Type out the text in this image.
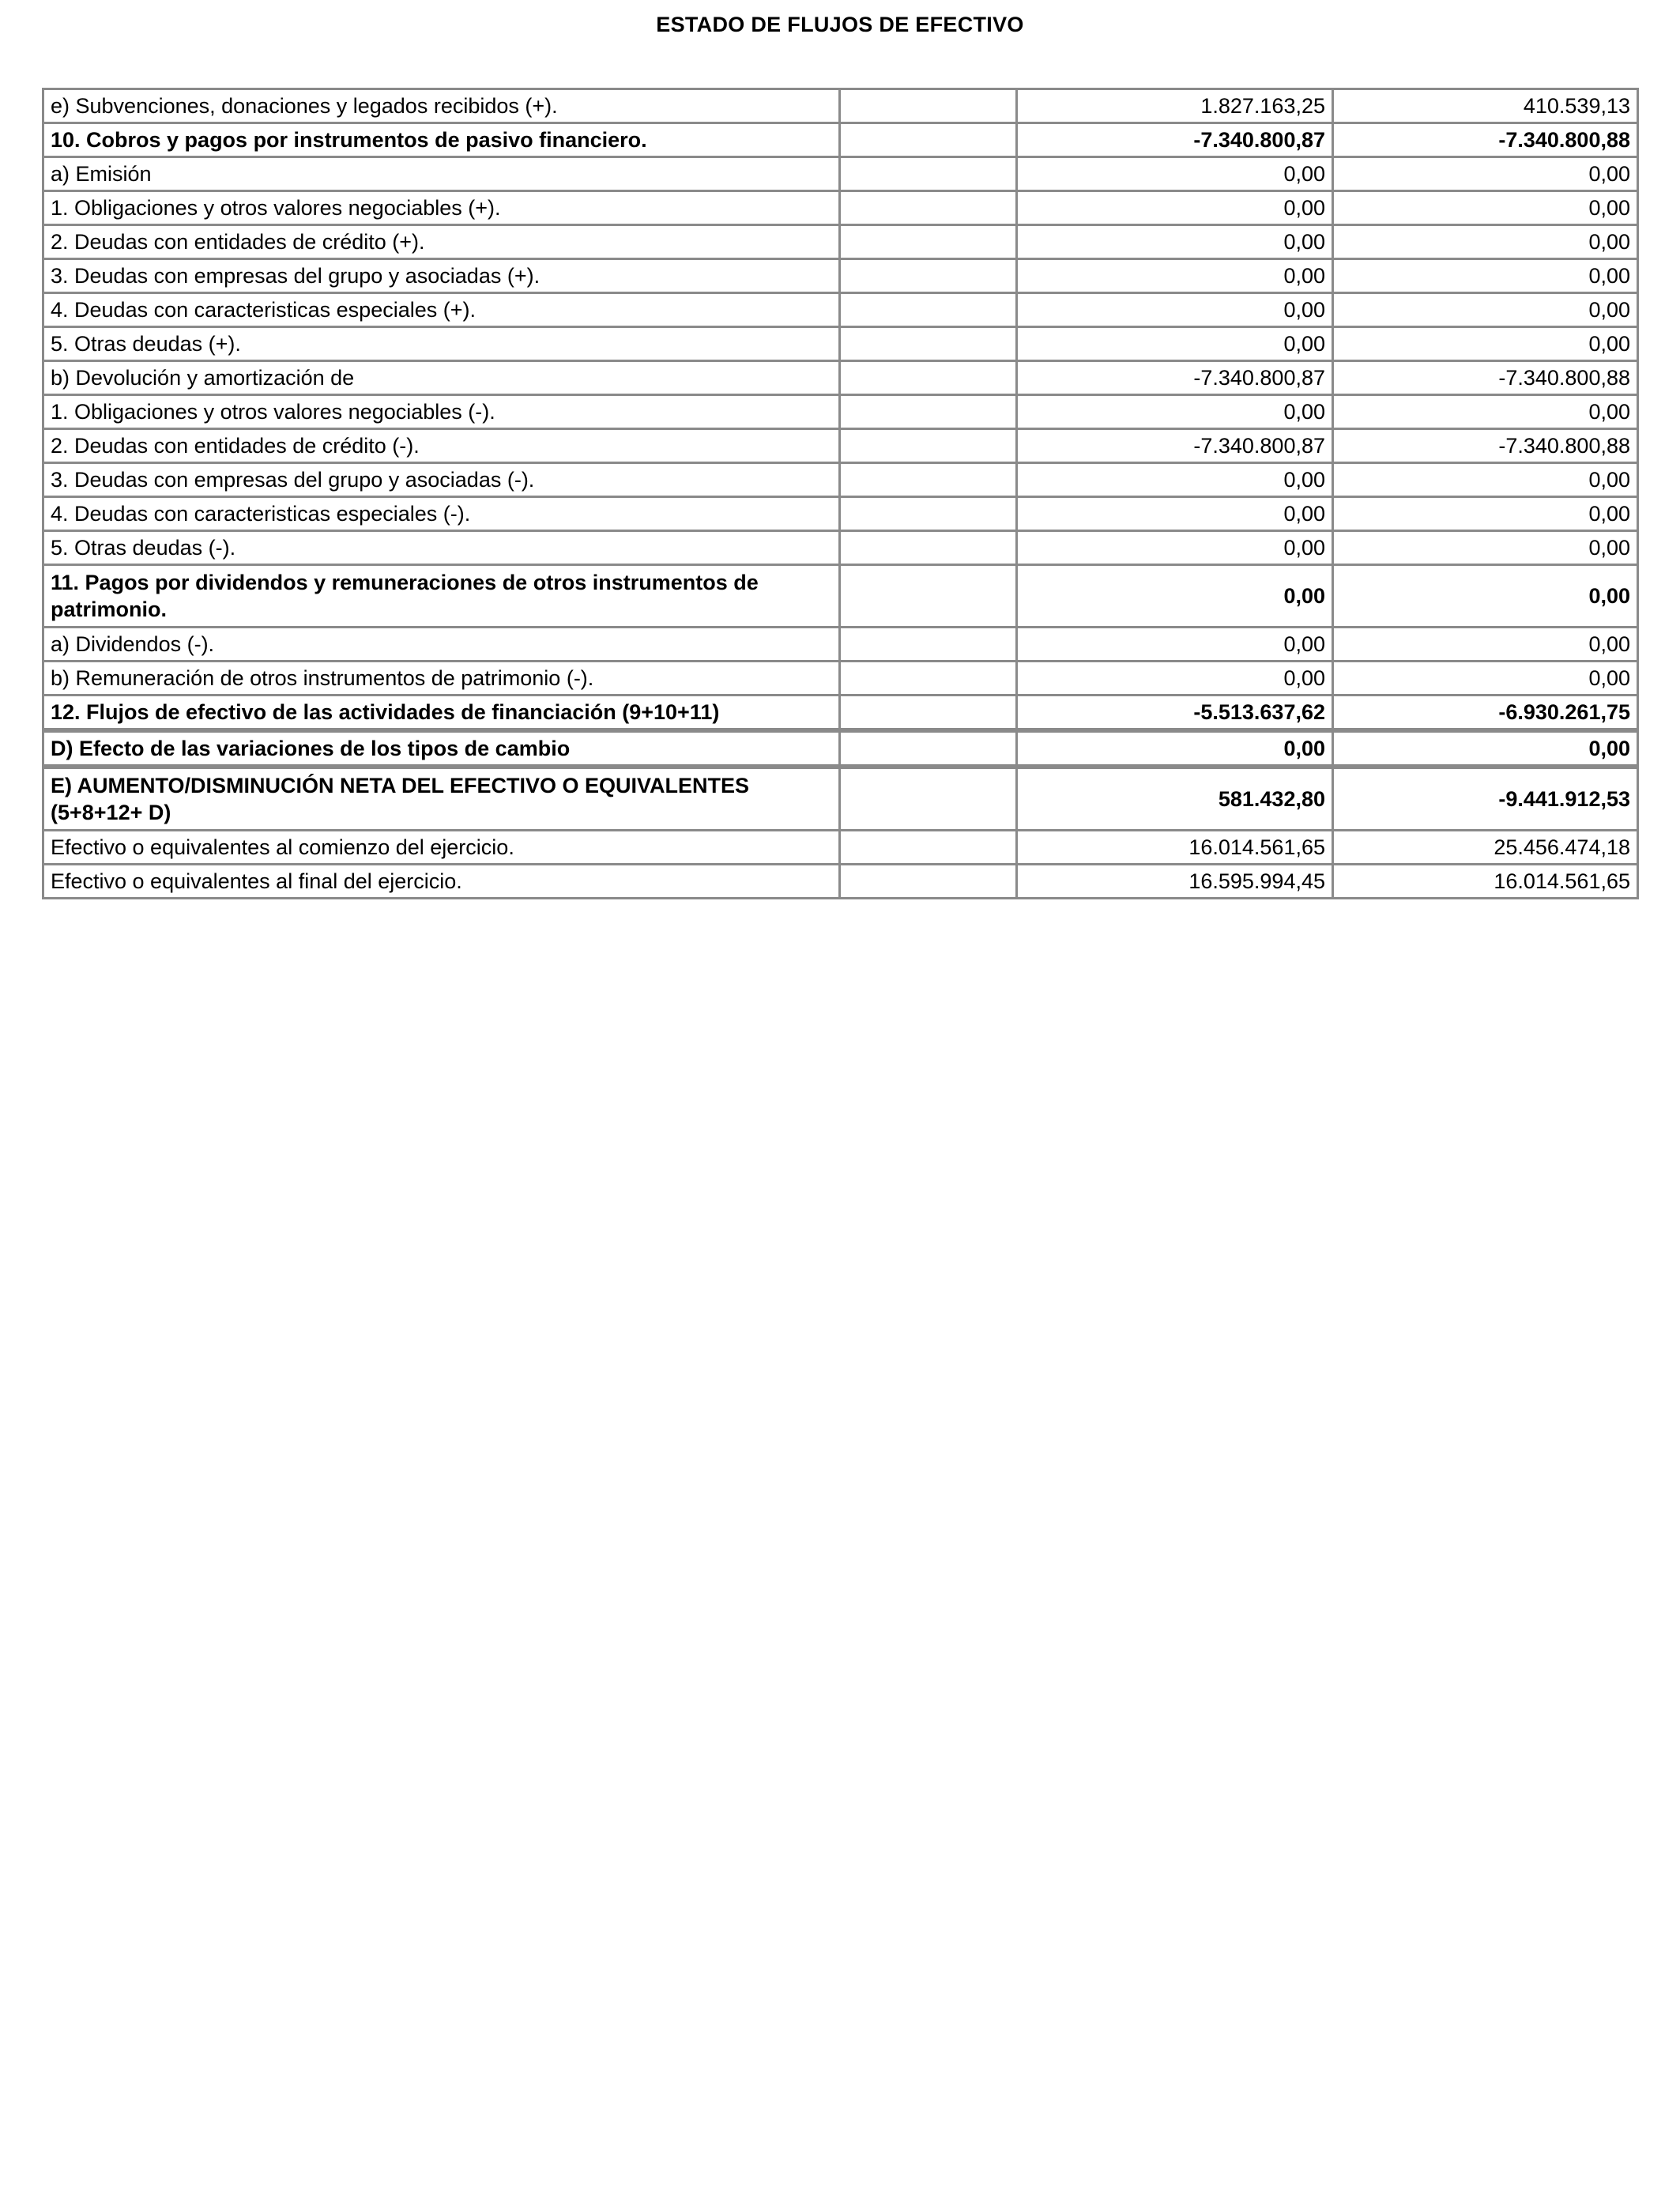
ESTADO DE FLUJOS DE EFECTIVO
e) Subvenciones, donaciones y legados recibidos (+).		1.827.163,25	410.539,13
10. Cobros y pagos por instrumentos de pasivo financiero.		-7.340.800,87	-7.340.800,88
a) Emisión		0,00	0,00
1. Obligaciones y otros valores negociables (+).		0,00	0,00
2. Deudas con entidades de crédito (+).		0,00	0,00
3. Deudas con empresas del grupo y asociadas (+).		0,00	0,00
4. Deudas con caracteristicas especiales (+).		0,00	0,00
5. Otras deudas (+).		0,00	0,00
b) Devolución y amortización de		-7.340.800,87	-7.340.800,88
1. Obligaciones y otros valores negociables (-).		0,00	0,00
2. Deudas con entidades de crédito (-).		-7.340.800,87	-7.340.800,88
3. Deudas con empresas del grupo y asociadas (-).		0,00	0,00
4. Deudas con caracteristicas especiales (-).		0,00	0,00
5. Otras deudas (-).		0,00	0,00
11. Pagos por dividendos y remuneraciones de otros instrumentos de patrimonio.		0,00	0,00
a) Dividendos (-).		0,00	0,00
b) Remuneración de otros instrumentos de patrimonio (-).		0,00	0,00
12. Flujos de efectivo de las actividades de financiación (9+10+11)		-5.513.637,62	-6.930.261,75
D) Efecto de las variaciones de los tipos de cambio		0,00	0,00
E) AUMENTO/DISMINUCIÓN NETA DEL EFECTIVO O EQUIVALENTES (5+8+12+ D)		581.432,80	-9.441.912,53
Efectivo o equivalentes al comienzo del ejercicio.		16.014.561,65	25.456.474,18
Efectivo o equivalentes al final del ejercicio.		16.595.994,45	16.014.561,65
